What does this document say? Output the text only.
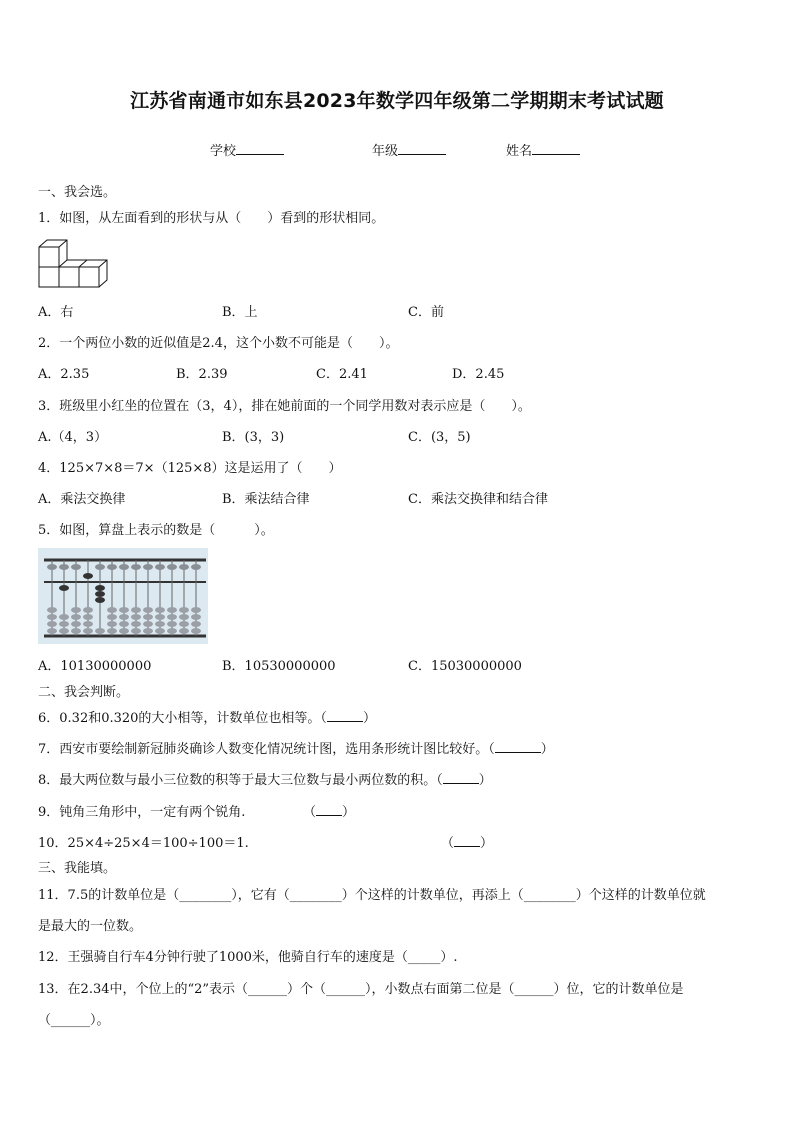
江苏省南通市如东县2023年数学四年级第二学期期末考试试题
学校	年级	姓名
一、我会选。
1．如图，从左面看到的形状与从（　　）看到的形状相同。
A．右	B．上	C．前
2．一个两位小数的近似值是2.4，这个小数不可能是（　　）。
A．2.35	B．2.39	C．2.41	D．2.45
3．班级里小红坐的位置在（3，4），排在她前面的一个同学用数对表示应是（　　）。
A.（4，3）	B．(3，3)	C．(3，5)
4．125×7×8＝7×（125×8）这是运用了（　　）
A．乘法交换律	B．乘法结合律	C．乘法交换律和结合律
5．如图，算盘上表示的数是（　　　）。
A．10130000000	B．10530000000	C．15030000000
二、我会判断。
6．0.32和0.320的大小相等，计数单位也相等。（	）
7．西安市要绘制新冠肺炎确诊人数变化情况统计图，选用条形统计图比较好。（	）
8．最大两位数与最小三位数的积等于最大三位数与最小两位数的积。（	）
9．钝角三角形中，一定有两个锐角.	（ ）
10．25×4÷25×4＝100÷100＝1.	（ ）
三、我能填。
11．7.5的计数单位是（________），它有（________）个这样的计数单位，再添上（________）个这样的计数单位就
是最大的一位数。
12．王强骑自行车4分钟行驶了1000米，他骑自行车的速度是（_____）.
13．在2.34中，个位上的“2”表示（______）个（______），小数点右面第二位是（______）位，它的计数单位是
（______）。
